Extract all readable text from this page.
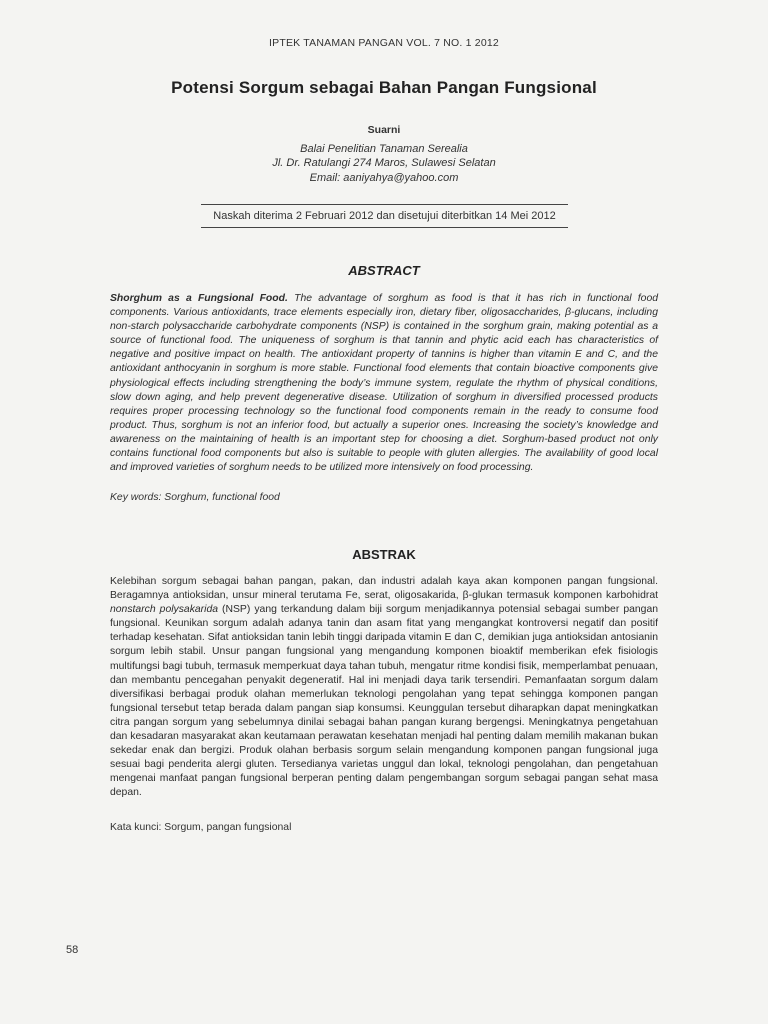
IPTEK TANAMAN PANGAN VOL. 7 NO. 1 2012
Potensi Sorgum sebagai Bahan Pangan Fungsional
Suarni
Balai Penelitian Tanaman Serealia
Jl. Dr. Ratulangi 274 Maros, Sulawesi Selatan
Email: aaniyahya@yahoo.com
Naskah diterima 2 Februari 2012 dan disetujui diterbitkan 14 Mei 2012
ABSTRACT
Shorghum as a Fungsional Food. The advantage of sorghum as food is that it has rich in functional food components. Various antioxidants, trace elements especially iron, dietary fiber, oligosaccharides, β-glucans, including non-starch polysaccharide carbohydrate components (NSP) is contained in the sorghum grain, making potential as a source of functional food. The uniqueness of sorghum is that tannin and phytic acid each has characteristics of negative and positive impact on health. The antioxidant property of tannins is higher than vitamin E and C, and the antioxidant anthocyanin in sorghum is more stable. Functional food elements that contain bioactive components give physiological effects including strengthening the body’s immune system, regulate the rhythm of physical conditions, slow down aging, and help prevent degenerative disease. Utilization of sorghum in diversified processed products requires proper processing technology so the functional food components remain in the ready to consume food product. Thus, sorghum is not an inferior food, but actually a superior ones. Increasing the society’s knowledge and awareness on the maintaining of health is an important step for choosing a diet. Sorghum-based product not only contains functional food components but also is suitable to people with gluten allergies. The availability of good local and improved varieties of sorghum needs to be utilized more intensively on food processing.
Key words: Sorghum, functional food
ABSTRAK
Kelebihan sorgum sebagai bahan pangan, pakan, dan industri adalah kaya akan komponen pangan fungsional. Beragamnya antioksidan, unsur mineral terutama Fe, serat, oligosakarida, β-glukan termasuk komponen karbohidrat nonstarch polysakarida (NSP) yang terkandung dalam biji sorgum menjadikannya potensial sebagai sumber pangan fungsional. Keunikan sorgum adalah adanya tanin dan asam fitat yang mengangkat kontroversi negatif dan positif terhadap kesehatan. Sifat antioksidan tanin lebih tinggi daripada vitamin E dan C, demikian juga antioksidan antosianin sorgum lebih stabil. Unsur pangan fungsional yang mengandung komponen bioaktif memberikan efek fisiologis multifungsi bagi tubuh, termasuk memperkuat daya tahan tubuh, mengatur ritme kondisi fisik, memperlambat penuaan, dan membantu pencegahan penyakit degeneratif. Hal ini menjadi daya tarik tersendiri. Pemanfaatan sorgum dalam diversifikasi berbagai produk olahan memerlukan teknologi pengolahan yang tepat sehingga komponen pangan fungsional tersebut tetap berada dalam pangan siap konsumsi. Keunggulan tersebut diharapkan dapat meningkatkan citra pangan sorgum yang sebelumnya dinilai sebagai bahan pangan kurang bergengsi. Meningkatnya pengetahuan dan kesadaran masyarakat akan keutamaan perawatan kesehatan menjadi hal penting dalam memilih makanan bukan sekedar enak dan bergizi. Produk olahan berbasis sorgum selain mengandung komponen pangan fungsional juga sesuai bagi penderita alergi gluten. Tersedianya varietas unggul dan lokal, teknologi pengolahan, dan pengetahuan mengenai manfaat pangan fungsional berperan penting dalam pengembangan sorgum sebagai pangan sehat masa depan.
Kata kunci: Sorgum, pangan fungsional
58
